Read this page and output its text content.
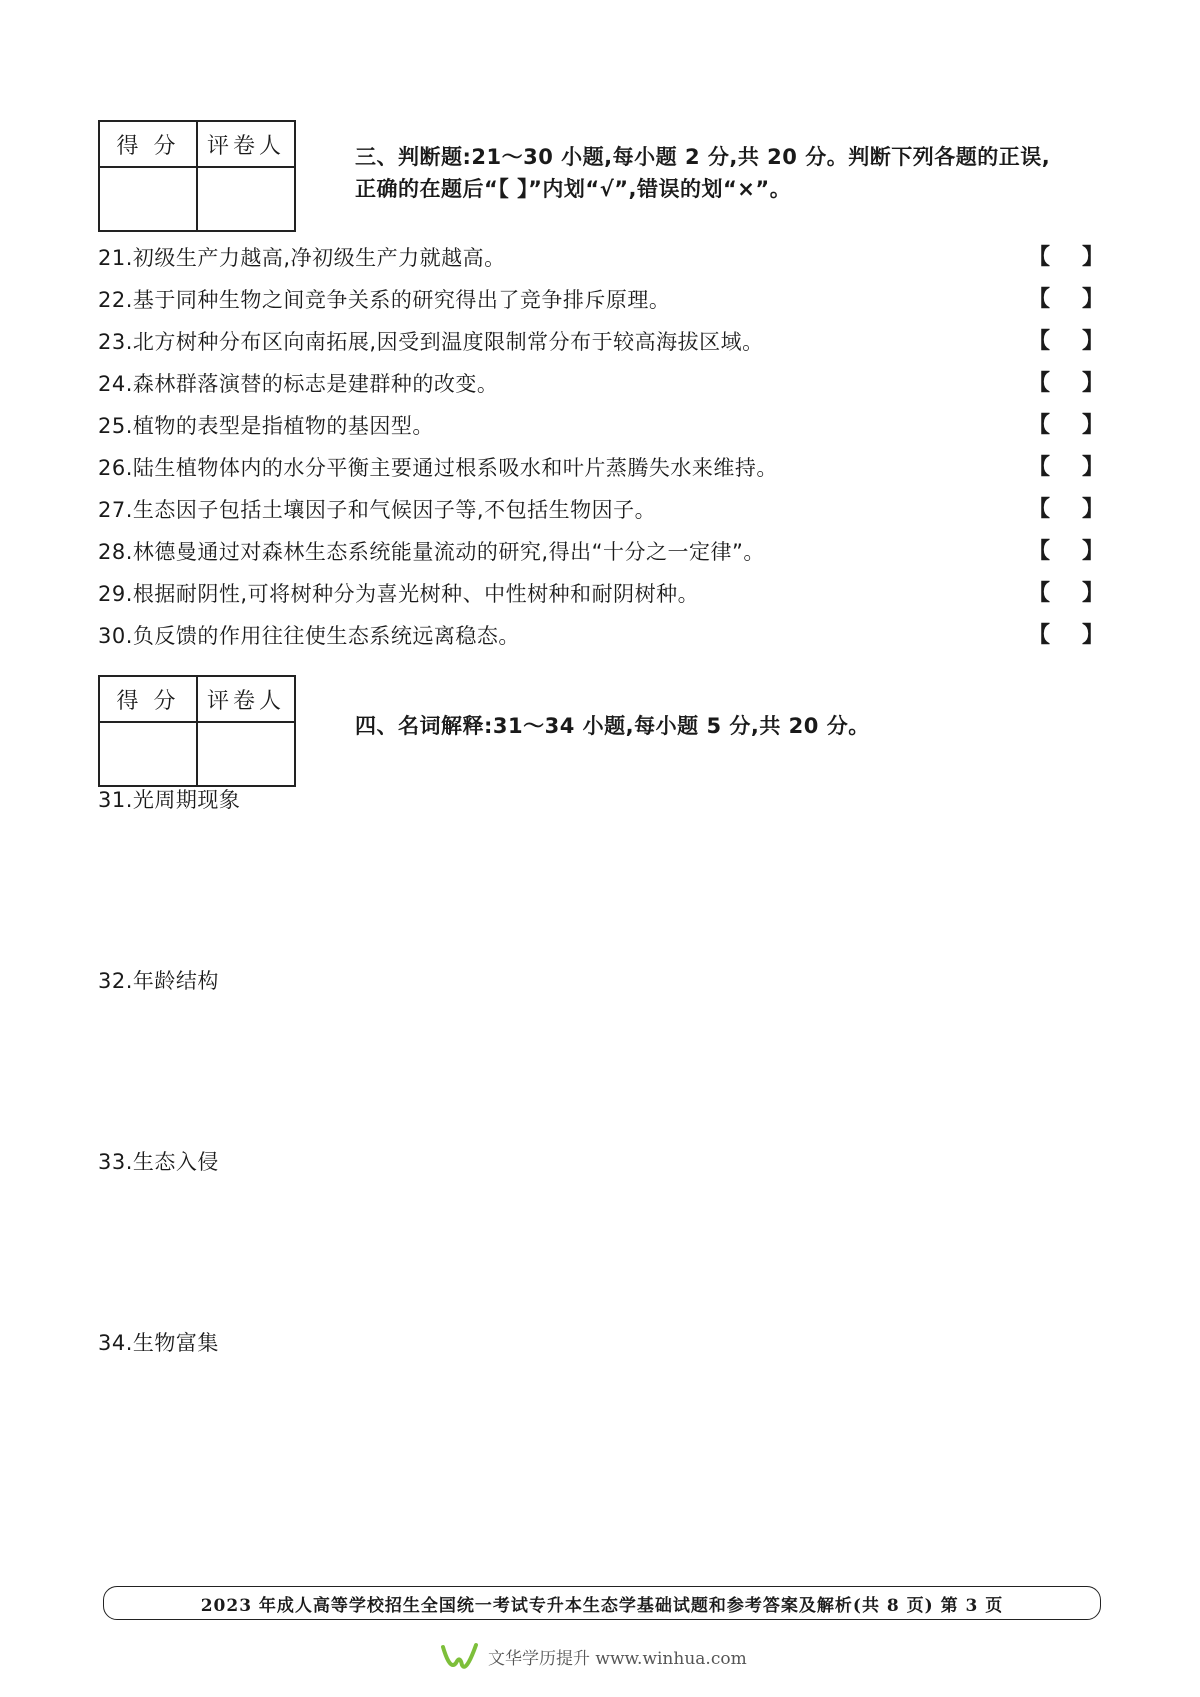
得 分	评卷人
		三、判断题:21～30 小题,每小题 2 分,共 20 分。判断下列各题的正误,
正确的在题后“【 】”内划“√”,错误的划“×”。
21.初级生产力越高,净初级生产力就越高。	【 】
22.基于同种生物之间竞争关系的研究得出了竞争排斥原理。	【 】
23.北方树种分布区向南拓展,因受到温度限制常分布于较高海拔区域。	【 】
24.森林群落演替的标志是建群种的改变。	【 】
25.植物的表型是指植物的基因型。	【 】
26.陆生植物体内的水分平衡主要通过根系吸水和叶片蒸腾失水来维持。	【 】
27.生态因子包括土壤因子和气候因子等,不包括生物因子。	【 】
28.林德曼通过对森林生态系统能量流动的研究,得出“十分之一定律”。	【 】
29.根据耐阴性,可将树种分为喜光树种、中性树种和耐阴树种。	【 】
30.负反馈的作用往往使生态系统远离稳态。	【 】
得 分	评卷人

四、名词解释:31～34 小题,每小题 5 分,共 20 分。
31.光周期现象
32.年龄结构
33.生态入侵
34.生物富集
2023 年成人高等学校招生全国统一考试专升本生态学基础试题和参考答案及解析(共 8 页) 第 3 页
文华学历提升 www.winhua.com
